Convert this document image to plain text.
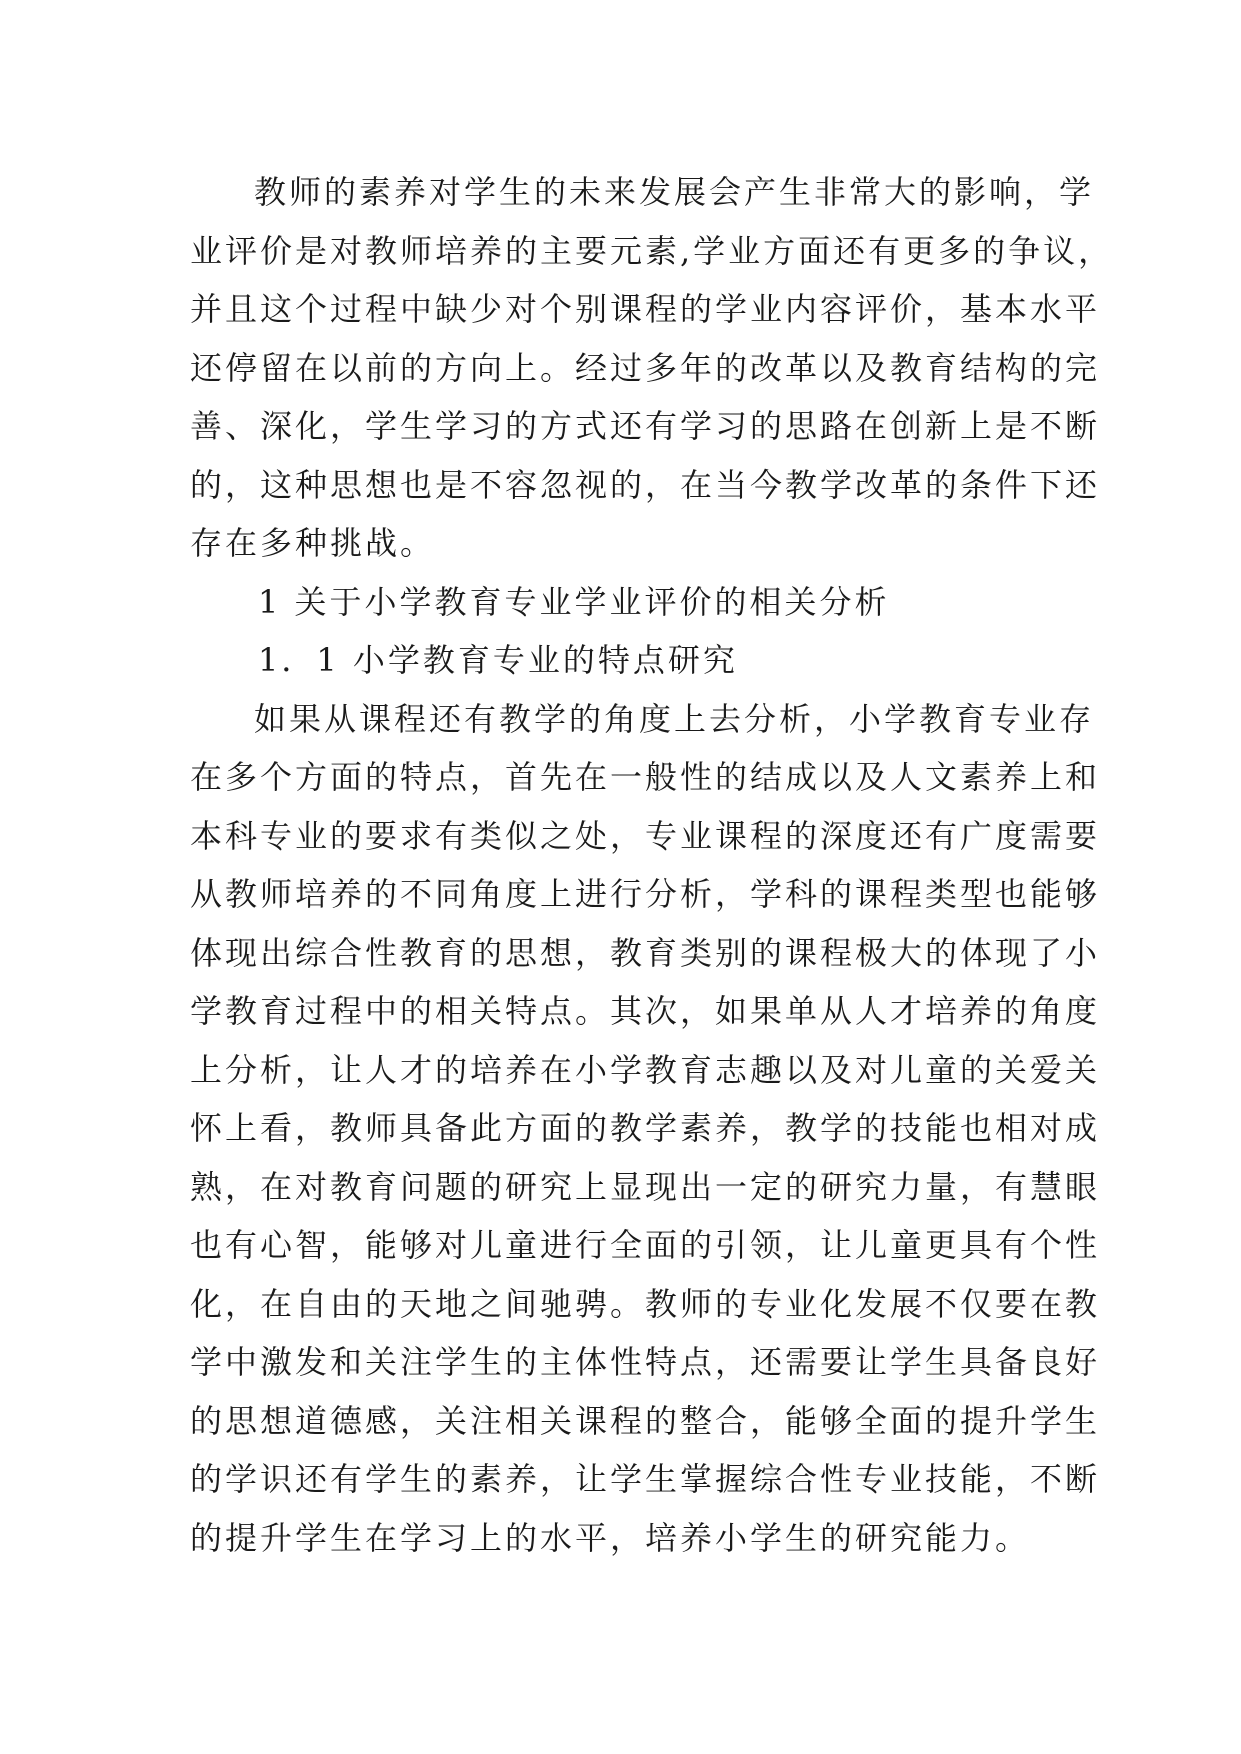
教师的素养对学生的未来发展会产生非常大的影响，学
业评价是对教师培养的主要元素,学业方面还有更多的争议，
并且这个过程中缺少对个别课程的学业内容评价，基本水平
还停留在以前的方向上。经过多年的改革以及教育结构的完
善、深化，学生学习的方式还有学习的思路在创新上是不断
的，这种思想也是不容忽视的，在当今教学改革的条件下还
存在多种挑战。
1 关于小学教育专业学业评价的相关分析
1．1 小学教育专业的特点研究
如果从课程还有教学的角度上去分析，小学教育专业存
在多个方面的特点，首先在一般性的结成以及人文素养上和
本科专业的要求有类似之处，专业课程的深度还有广度需要
从教师培养的不同角度上进行分析，学科的课程类型也能够
体现出综合性教育的思想，教育类别的课程极大的体现了小
学教育过程中的相关特点。其次，如果单从人才培养的角度
上分析，让人才的培养在小学教育志趣以及对儿童的关爱关
怀上看，教师具备此方面的教学素养，教学的技能也相对成
熟，在对教育问题的研究上显现出一定的研究力量，有慧眼
也有心智，能够对儿童进行全面的引领，让儿童更具有个性
化，在自由的天地之间驰骋。教师的专业化发展不仅要在教
学中激发和关注学生的主体性特点，还需要让学生具备良好
的思想道德感，关注相关课程的整合，能够全面的提升学生
的学识还有学生的素养，让学生掌握综合性专业技能，不断
的提升学生在学习上的水平，培养小学生的研究能力。
